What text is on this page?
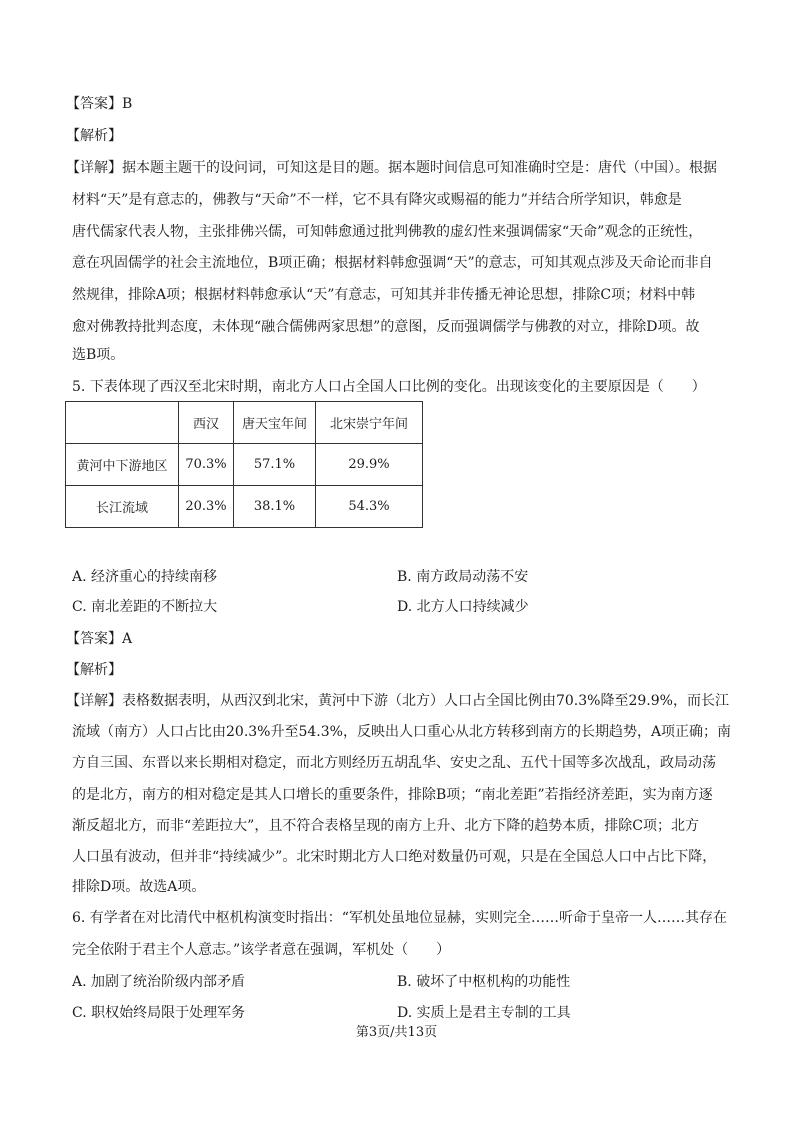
【答案】B
【解析】
【详解】据本题主题干的设问词，可知这是目的题。据本题时间信息可知准确时空是：唐代（中国）。根据
材料“天”是有意志的，佛教与“天命”不一样，它不具有降灾或赐福的能力”并结合所学知识，韩愈是
唐代儒家代表人物，主张排佛兴儒，可知韩愈通过批判佛教的虚幻性来强调儒家“天命”观念的正统性，
意在巩固儒学的社会主流地位，B项正确；根据材料韩愈强调“天”的意志，可知其观点涉及天命论而非自
然规律，排除A项；根据材料韩愈承认“天”有意志，可知其并非传播无神论思想，排除C项；材料中韩
愈对佛教持批判态度，未体现“融合儒佛两家思想”的意图，反而强调儒学与佛教的对立，排除D项。故
选B项。
5. 下表体现了西汉至北宋时期，南北方人口占全国人口比例的变化。出现该变化的主要原因是（　　）
	西汉	唐天宝年间	北宋崇宁年间
黄河中下游地区	70.3%	57.1%	29.9%
长江流域	20.3%	38.1%	54.3%
A. 经济重心的持续南移	B. 南方政局动荡不安
C. 南北差距的不断拉大	D. 北方人口持续减少
【答案】A
【解析】
【详解】表格数据表明，从西汉到北宋，黄河中下游（北方）人口占全国比例由70.3%降至29.9%，而长江
流域（南方）人口占比由20.3%升至54.3%，反映出人口重心从北方转移到南方的长期趋势，A项正确；南
方自三国、东晋以来长期相对稳定，而北方则经历五胡乱华、安史之乱、五代十国等多次战乱，政局动荡
的是北方，南方的相对稳定是其人口增长的重要条件，排除B项；“南北差距”若指经济差距，实为南方逐
渐反超北方，而非“差距拉大”，且不符合表格呈现的南方上升、北方下降的趋势本质，排除C项；北方
人口虽有波动，但并非“持续减少”。北宋时期北方人口绝对数量仍可观，只是在全国总人口中占比下降，
排除D项。故选A项。
6. 有学者在对比清代中枢机构演变时指出：“军机处虽地位显赫，实则完全……听命于皇帝一人……其存在
完全依附于君主个人意志。”该学者意在强调，军机处（　　）
A. 加剧了统治阶级内部矛盾	B. 破坏了中枢机构的功能性
C. 职权始终局限于处理军务	D. 实质上是君主专制的工具
第3页/共13页
